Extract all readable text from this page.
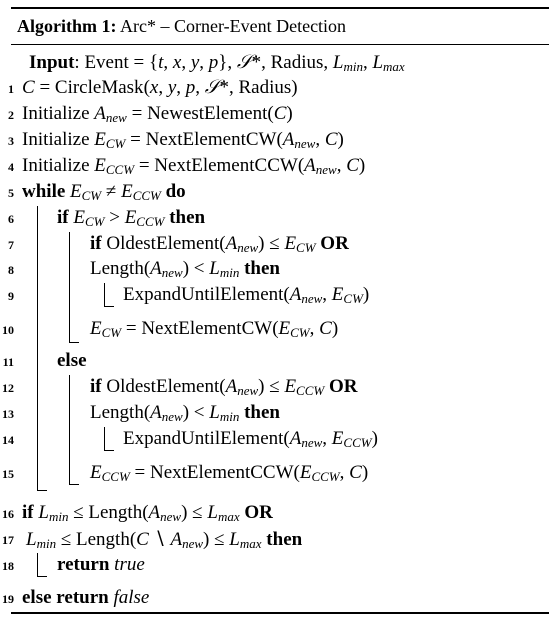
Algorithm 1: Arc* – Corner-Event Detection
Input: Event = {t, x, y, p}, 𝒮*, Radius, $L_{min}$, $L_{max}$
1 C = CircleMask(x, y, p, 𝒮*, Radius)
2 Initialize $A_{new}$ = NewestElement(C)
3 Initialize $E_{CW}$ = $NextElementCW(A_{new}$, C)
4 Initialize $E_{CCW}$ = $NextElementCCW(A_{new}$, C)
5 while $E_{CW} \ne E_{CCW}$ do
6 if $E_{CW} > E_{CCW}$ then
7	if $OldestElement(A_{new}) \le E_{CW}$ OR
8	$Length(A_{new}) < L_{min}$ then
9	$ExpandUntilElement(A_{new}$, $E_{CW}$)
10	$E_{CW}$ = $NextElementCW(E_{CW}$, C)
11 else
12	if $OldestElement(A_{new}) \le E_{CCW}$ OR
13	$Length(A_{new}) < L_{min}$ then
14	$ExpandUntilElement(A_{new}$, $E_{CCW}$)
15	$E_{CCW}$ = $NextElementCCW(E_{CCW}$, C)
16 if $L_{min}$ ≤ $Length(A_{new}) \le L_{max}$ OR
17 $L_{min}$ ≤ Length(C ∖ $A_{new}) \le L_{max}$ then
18 return true
19 else return false
